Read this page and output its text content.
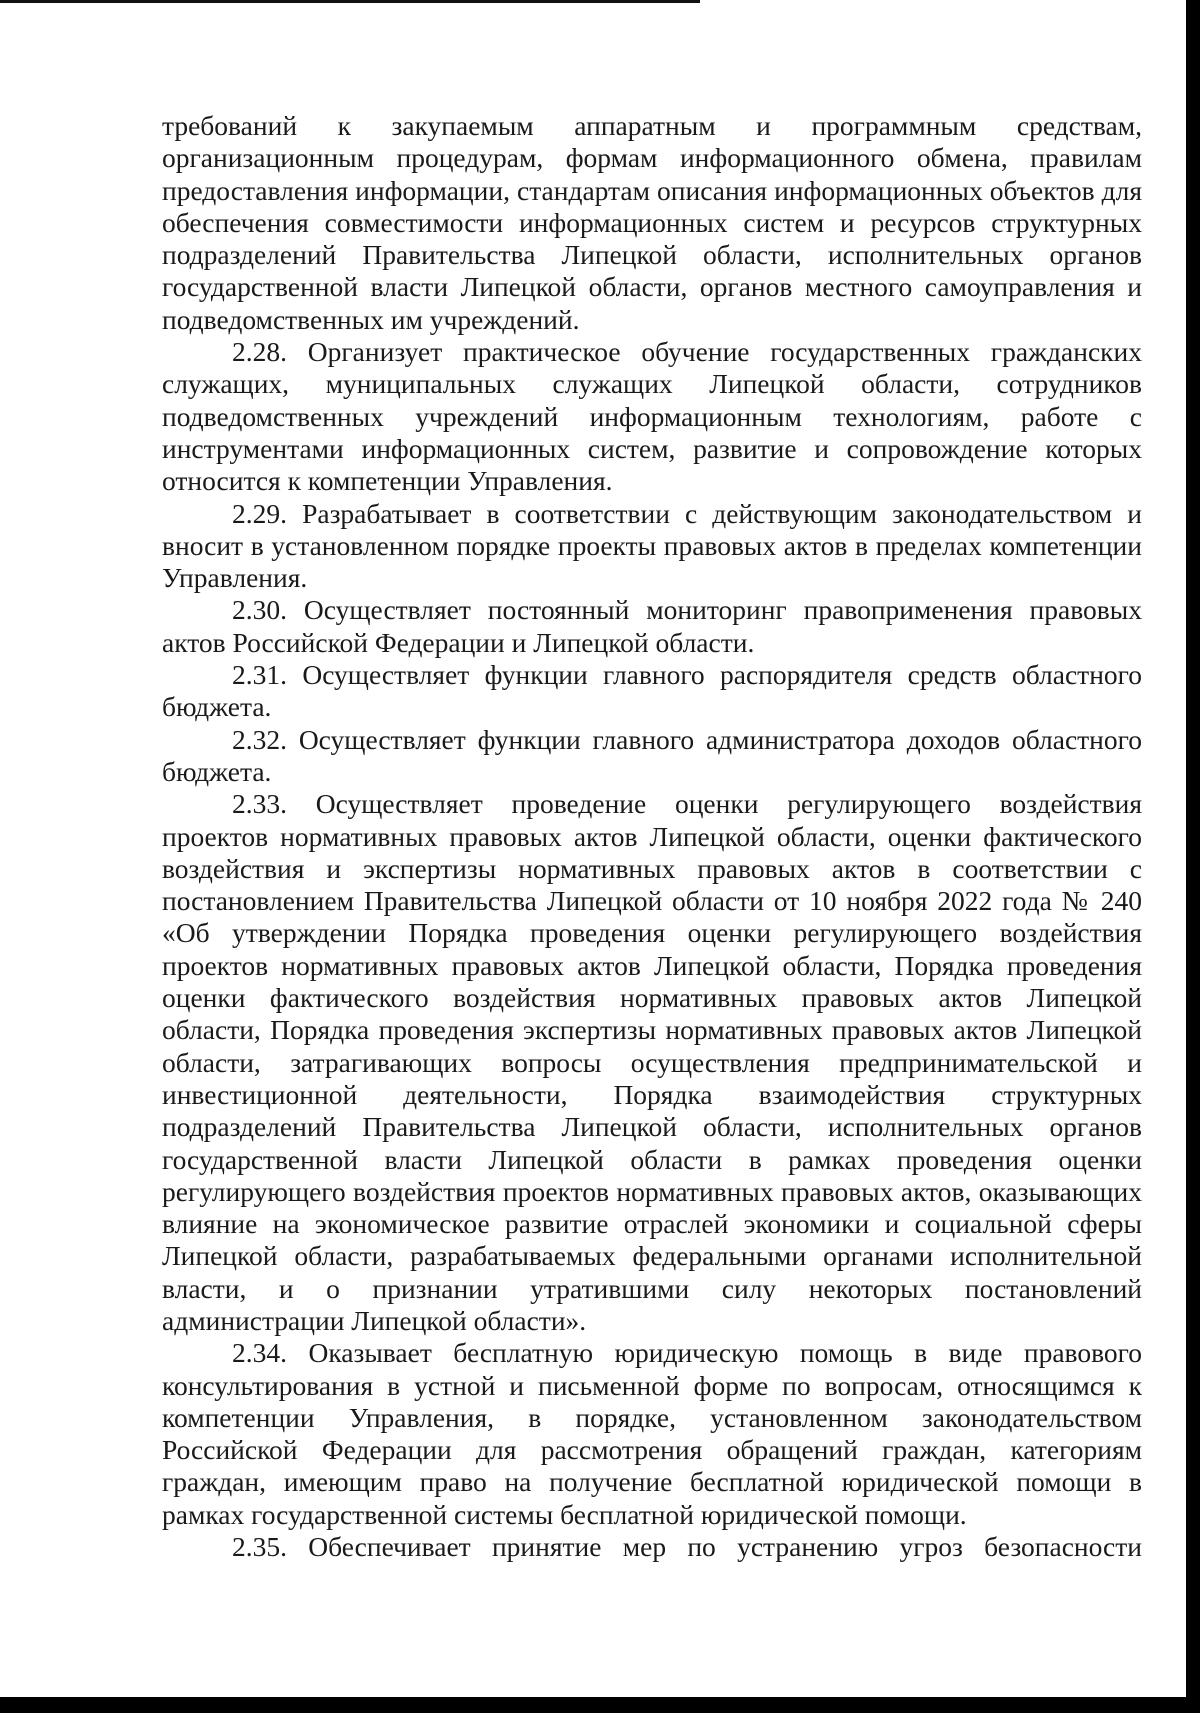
требований к закупаемым аппаратным и программным средствам, организационным процедурам, формам информационного обмена, правилам предоставления информации, стандартам описания информационных объектов для обеспечения совместимости информационных систем и ресурсов структурных подразделений Правительства Липецкой области, исполнительных органов государственной власти Липецкой области, органов местного самоуправления и подведомственных им учреждений.

2.28. Организует практическое обучение государственных гражданских служащих, муниципальных служащих Липецкой области, сотрудников подведомственных учреждений информационным технологиям, работе с инструментами информационных систем, развитие и сопровождение которых относится к компетенции Управления.

2.29. Разрабатывает в соответствии с действующим законодательством и вносит в установленном порядке проекты правовых актов в пределах компетенции Управления.

2.30. Осуществляет постоянный мониторинг правоприменения правовых актов Российской Федерации и Липецкой области.

2.31. Осуществляет функции главного распорядителя средств областного бюджета.

2.32. Осуществляет функции главного администратора доходов областного бюджета.

2.33. Осуществляет проведение оценки регулирующего воздействия проектов нормативных правовых актов Липецкой области, оценки фактического воздействия и экспертизы нормативных правовых актов в соответствии с постановлением Правительства Липецкой области от 10 ноября 2022 года № 240 «Об утверждении Порядка проведения оценки регулирующего воздействия проектов нормативных правовых актов Липецкой области, Порядка проведения оценки фактического воздействия нормативных правовых актов Липецкой области, Порядка проведения экспертизы нормативных правовых актов Липецкой области, затрагивающих вопросы осуществления предпринимательской и инвестиционной деятельности, Порядка взаимодействия структурных подразделений Правительства Липецкой области, исполнительных органов государственной власти Липецкой области в рамках проведения оценки регулирующего воздействия проектов нормативных правовых актов, оказывающих влияние на экономическое развитие отраслей экономики и социальной сферы Липецкой области, разрабатываемых федеральными органами исполнительной власти, и о признании утратившими силу некоторых постановлений администрации Липецкой области».

2.34. Оказывает бесплатную юридическую помощь в виде правового консультирования в устной и письменной форме по вопросам, относящимся к компетенции Управления, в порядке, установленном законодательством Российской Федерации для рассмотрения обращений граждан, категориям граждан, имеющим право на получение бесплатной юридической помощи в рамках государственной системы бесплатной юридической помощи.

2.35. Обеспечивает принятие мер по устранению угроз безопасности
